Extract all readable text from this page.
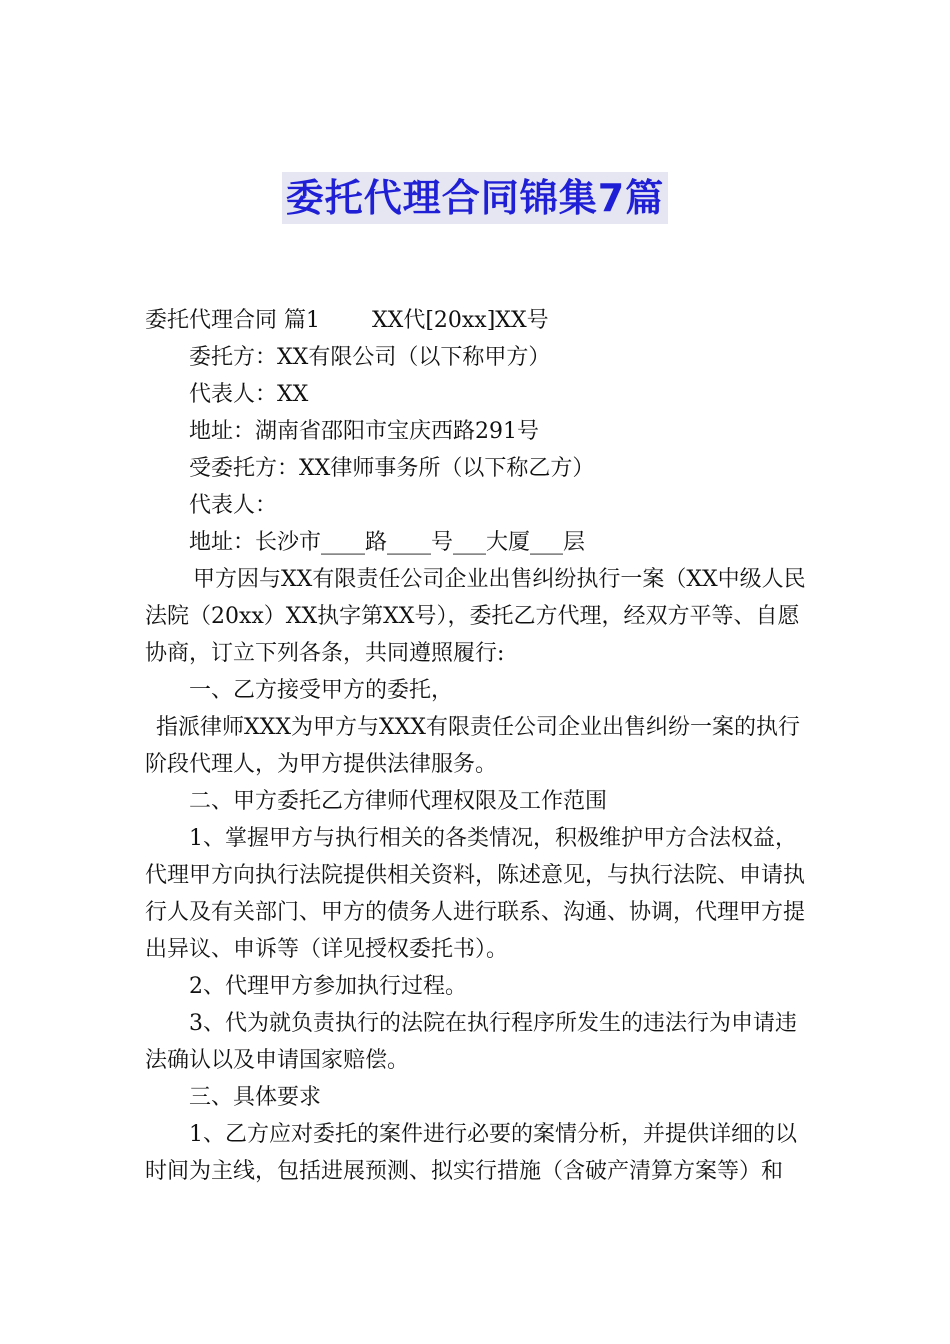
委托代理合同锦集7篇

委托代理合同 篇1 XX代[20xx]XX号

委托方：XX有限公司（以下称甲方）

代表人：XX

地址：湖南省邵阳市宝庆西路291号

受委托方：XX律师事务所（以下称乙方）

代表人：

地址：长沙市____路____号___大厦___层

甲方因与XX有限责任公司企业出售纠纷执行一案（XX中级人民法院（20xx）XX执字第XX号），委托乙方代理，经双方平等、自愿协商，订立下列各条，共同遵照履行:

一、乙方接受甲方的委托，

指派律师XXX为甲方与XXX有限责任公司企业出售纠纷一案的执行阶段代理人，为甲方提供法律服务。

二、甲方委托乙方律师代理权限及工作范围

1、掌握甲方与执行相关的各类情况，积极维护甲方合法权益，代理甲方向执行法院提供相关资料，陈述意见，与执行法院、申请执行人及有关部门、甲方的债务人进行联系、沟通、协调，代理甲方提出异议、申诉等（详见授权委托书）。

2、代理甲方参加执行过程。

3、代为就负责执行的法院在执行程序所发生的违法行为申请违法确认以及申请国家赔偿。

三、具体要求

1、乙方应对委托的案件进行必要的案情分析，并提供详细的以时间为主线，包括进展预测、拟实行措施（含破产清算方案等）和
